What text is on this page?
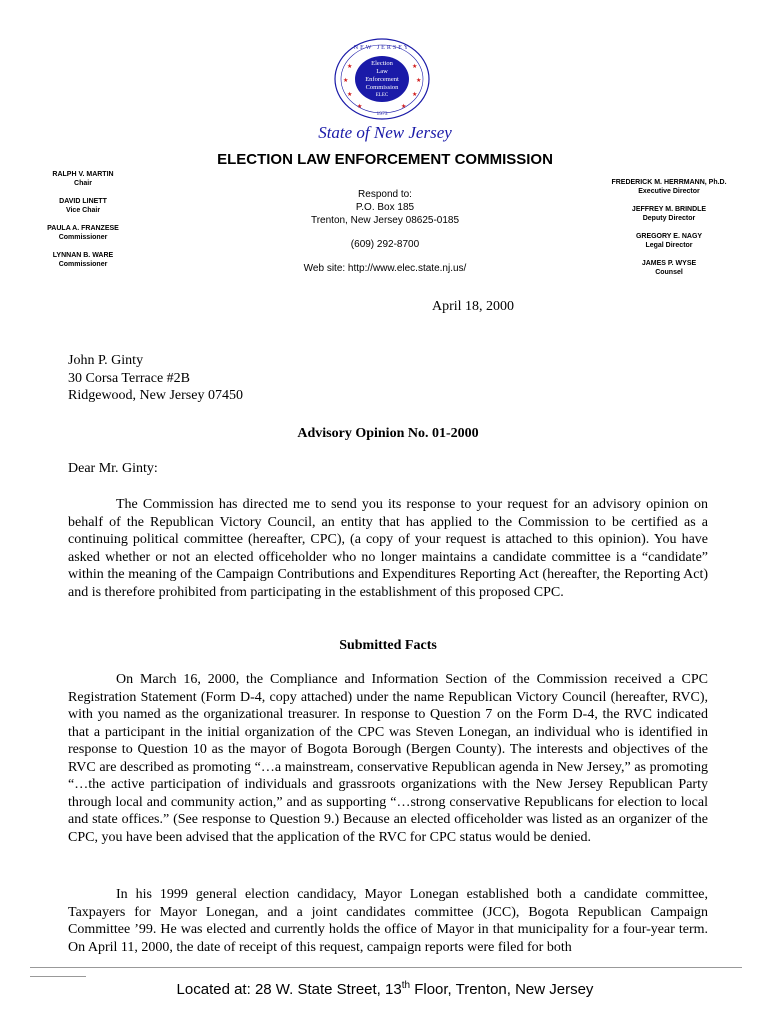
★
★
★
★
★
★
★	★
NEW JERSEY
Election
Law
Enforcement
Commission
ELEC
1973
State of New Jersey
ELECTION LAW ENFORCEMENT COMMISSION
RALPH V. MARTIN
Chair
DAVID LINETT
Vice Chair
PAULA A. FRANZESE
Commissioner
LYNNAN B. WARE
Commissioner
Respond to:
P.O. Box 185
Trenton, New Jersey 08625-0185
(609) 292-8700
Web site: http://www.elec.state.nj.us/
FREDERICK M. HERRMANN, Ph.D.
Executive Director
JEFFREY M. BRINDLE
Deputy Director
GREGORY E. NAGY
Legal Director
JAMES P. WYSE
Counsel
April 18, 2000
John P. Ginty
30 Corsa Terrace #2B
Ridgewood, New Jersey 07450
Advisory Opinion No. 01-2000
Dear Mr. Ginty:

The Commission has directed me to send you its response to your request for an advisory opinion on behalf of the Republican Victory Council, an entity that has applied to the Commission to be certified as a continuing political committee (hereafter, CPC), (a copy of your request is attached to this opinion). You have asked whether or not an elected officeholder who no longer maintains a candidate committee is a “candidate” within the meaning of the Campaign Contributions and Expenditures Reporting Act (hereafter, the Reporting Act) and is therefore prohibited from participating in the establishment of this proposed CPC.

Submitted Facts

On March 16, 2000, the Compliance and Information Section of the Commission received a CPC Registration Statement (Form D-4, copy attached) under the name Republican Victory Council (hereafter, RVC), with you named as the organizational treasurer. In response to Question 7 on the Form D-4, the RVC indicated that a participant in the initial organization of the CPC was Steven Lonegan, an individual who is identified in response to Question 10 as the mayor of Bogota Borough (Bergen County). The interests and objectives of the RVC are described as promoting “…a mainstream, conservative Republican agenda in New Jersey,” as promoting “…the active participation of individuals and grassroots organizations with the New Jersey Republican Party through local and community action,” and as supporting “…strong conservative Republicans for election to local and state offices.” (See response to Question 9.) Because an elected officeholder was listed as an organizer of the CPC, you have been advised that the application of the RVC for CPC status would be denied.

In his 1999 general election candidacy, Mayor Lonegan established both a candidate committee, Taxpayers for Mayor Lonegan, and a joint candidates committee (JCC), Bogota Republican Campaign Committee ’99. He was elected and currently holds the office of Mayor in that municipality for a four-year term. On April 11, 2000, the date of receipt of this request, campaign reports were filed for both

Located at: 28 W. State Street, 13th Floor, Trenton, New Jersey
